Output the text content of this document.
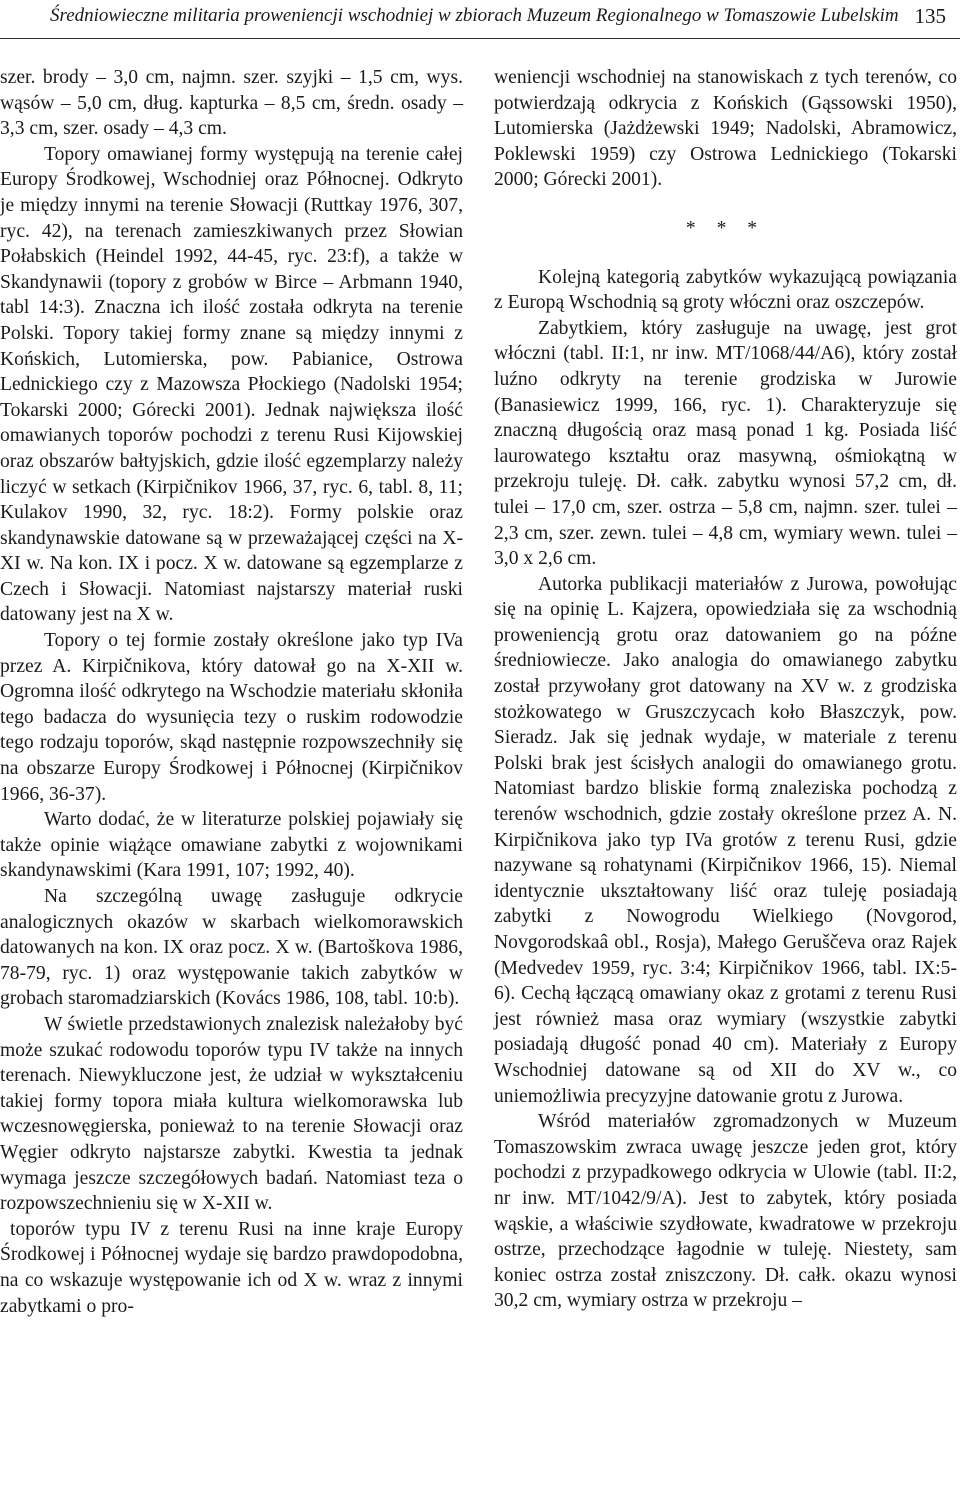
Średniowieczne militaria proweniencji wschodniej w zbiorach Muzeum Regionalnego w Tomaszowie Lubelskim 135

szer. brody – 3,0 cm, najmn. szer. szyjki – 1,5 cm, wys. wąsów – 5,0 cm, dług. kapturka – 8,5 cm, średn. osady – 3,3 cm, szer. osady – 4,3 cm.

Topory omawianej formy występują na terenie całej Europy Środkowej, Wschodniej oraz Północnej. Odkryto je między innymi na terenie Słowacji (Ruttkay 1976, 307, ryc. 42), na terenach zamieszkiwanych przez Słowian Połabskich (Heindel 1992, 44-45, ryc. 23:f), a także w Skandynawii (topory z grobów w Birce – Arbmann 1940, tabl 14:3). Znaczna ich ilość została odkryta na terenie Polski. Topory takiej formy znane są między innymi z Końskich, Lutomierska, pow. Pabianice, Ostrowa Lednickiego czy z Mazowsza Płockiego (Nadolski 1954; Tokarski 2000; Górecki 2001). Jednak największa ilość omawianych toporów pochodzi z terenu Rusi Kijowskiej oraz obszarów bałtyjskich, gdzie ilość egzemplarzy należy liczyć w setkach (Kirpičnikov 1966, 37, ryc. 6, tabl. 8, 11; Kulakov 1990, 32, ryc. 18:2). Formy polskie oraz skandynawskie datowane są w przeważającej części na X-XI w. Na kon. IX i pocz. X w. datowane są egzemplarze z Czech i Słowacji. Natomiast najstarszy materiał ruski datowany jest na X w.

Topory o tej formie zostały określone jako typ IVa przez A. Kirpičnikova, który datował go na X-XII w. Ogromna ilość odkrytego na Wschodzie materiału skłoniła tego badacza do wysunięcia tezy o ruskim rodowodzie tego rodzaju toporów, skąd następnie rozpowszechniły się na obszarze Europy Środkowej i Północnej (Kirpičnikov 1966, 36-37).

Warto dodać, że w literaturze polskiej pojawiały się także opinie wiążące omawiane zabytki z wojownikami skandynawskimi (Kara 1991, 107; 1992, 40).

Na szczególną uwagę zasługuje odkrycie analogicznych okazów w skarbach wielkomorawskich datowanych na kon. IX oraz pocz. X w. (Bartoškova 1986, 78-79, ryc. 1) oraz występowanie takich zabytków w grobach staromadziarskich (Kovács 1986, 108, tabl. 10:b).

W świetle przedstawionych znalezisk należałoby być może szukać rodowodu toporów typu IV także na innych terenach. Niewykluczone jest, że udział w wykształceniu takiej formy topora miała kultura wielkomorawska lub wczesnowęgierska, ponieważ to na terenie Słowacji oraz Węgier odkryto najstarsze zabytki. Kwestia ta jednak wymaga jeszcze szczegółowych badań. Natomiast teza o rozpowszechnieniu się w X-XII w.

toporów typu IV z terenu Rusi na inne kraje Europy Środkowej i Północnej wydaje się bardzo prawdopodobna, na co wskazuje występowanie ich od X w. wraz z innymi zabytkami o pro-

weniencji wschodniej na stanowiskach z tych terenów, co potwierdzają odkrycia z Końskich (Gąssowski 1950), Lutomierska (Jażdżewski 1949; Nadolski, Abramowicz, Poklewski 1959) czy Ostrowa Lednickiego (Tokarski 2000; Górecki 2001).

* * *

Kolejną kategorią zabytków wykazującą powiązania z Europą Wschodnią są groty włóczni oraz oszczepów.

Zabytkiem, który zasługuje na uwagę, jest grot włóczni (tabl. II:1, nr inw. MT/1068/44/A6), który został luźno odkryty na terenie grodziska w Jurowie (Banasiewicz 1999, 166, ryc. 1). Charakteryzuje się znaczną długością oraz masą ponad 1 kg. Posiada liść laurowatego kształtu oraz masywną, ośmiokątną w przekroju tuleję. Dł. całk. zabytku wynosi 57,2 cm, dł. tulei – 17,0 cm, szer. ostrza – 5,8 cm, najmn. szer. tulei – 2,3 cm, szer. zewn. tulei – 4,8 cm, wymiary wewn. tulei – 3,0 x 2,6 cm.

Autorka publikacji materiałów z Jurowa, powołując się na opinię L. Kajzera, opowiedziała się za wschodnią proweniencją grotu oraz datowaniem go na późne średniowiecze. Jako analogia do omawianego zabytku został przywołany grot datowany na XV w. z grodziska stożkowatego w Gruszczycach koło Błaszczyk, pow. Sieradz. Jak się jednak wydaje, w materiale z terenu Polski brak jest ścisłych analogii do omawianego grotu. Natomiast bardzo bliskie formą znaleziska pochodzą z terenów wschodnich, gdzie zostały określone przez A. N. Kirpičnikova jako typ IVa grotów z terenu Rusi, gdzie nazywane są rohatynami (Kirpičnikov 1966, 15). Niemal identycznie ukształtowany liść oraz tuleję posiadają zabytki z Nowogrodu Wielkiego (Novgorod, Novgorodskaâ obl., Rosja), Małego Geruščeva oraz Rajek (Medvedev 1959, ryc. 3:4; Kirpičnikov 1966, tabl. IX:5-6). Cechą łączącą omawiany okaz z grotami z terenu Rusi jest również masa oraz wymiary (wszystkie zabytki posiadają długość ponad 40 cm). Materiały z Europy Wschodniej datowane są od XII do XV w., co uniemożliwia precyzyjne datowanie grotu z Jurowa.

Wśród materiałów zgromadzonych w Muzeum Tomaszowskim zwraca uwagę jeszcze jeden grot, który pochodzi z przypadkowego odkrycia w Ulowie (tabl. II:2, nr inw. MT/1042/9/A). Jest to zabytek, który posiada wąskie, a właściwie szydłowate, kwadratowe w przekroju ostrze, przechodzące łagodnie w tuleję. Niestety, sam koniec ostrza został zniszczony. Dł. całk. okazu wynosi 30,2 cm, wymiary ostrza w przekroju –
